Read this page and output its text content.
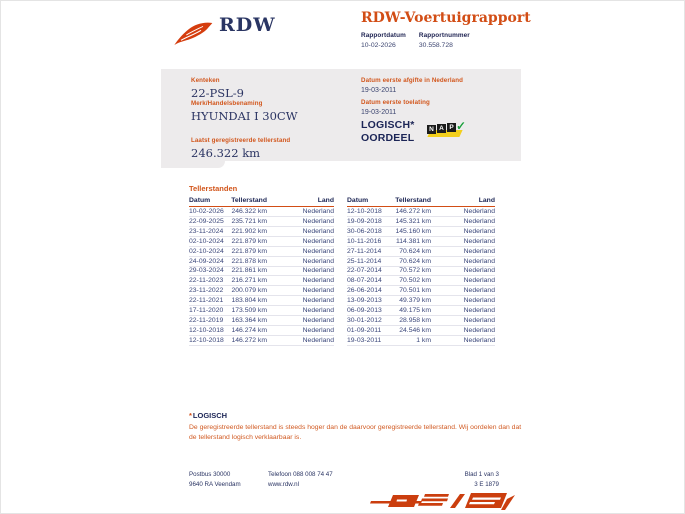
RDW	RDW-Voertuigrapport
Rapportdatum
10-02-2026
Rapportnummer
30.558.728
Kenteken
22-PSL-9
Merk/Handelsbenaming
HYUNDAI I 30CW
Laatst geregistreerde tellerstand
246.322 km
Datum eerste afgifte in Nederland
19-03-2011
Datum eerste toelating
19-03-2011
LOGISCH*
OORDEEL
N A P ✓
Tellerstanden
Datum	Tellerstand	Land
10-02-2026	246.322 km	Nederland
22-09-2025	235.721 km	Nederland
23-11-2024	221.902 km	Nederland
02-10-2024	221.879 km	Nederland
02-10-2024	221.879 km	Nederland
24-09-2024	221.878 km	Nederland
29-03-2024	221.861 km	Nederland
22-11-2023	216.271 km	Nederland
23-11-2022	200.079 km	Nederland
22-11-2021	183.804 km	Nederland
17-11-2020	173.509 km	Nederland
22-11-2019	163.364 km	Nederland
12-10-2018	146.274 km	Nederland
12-10-2018	146.272 km	Nederland
Datum	Tellerstand	Land
12-10-2018	146.272 km	Nederland
19-09-2018	145.321 km	Nederland
30-06-2018	145.160 km	Nederland
10-11-2016	114.381 km	Nederland
27-11-2014	70.624 km	Nederland
25-11-2014	70.624 km	Nederland
22-07-2014	70.572 km	Nederland
08-07-2014	70.502 km	Nederland
26-06-2014	70.501 km	Nederland
13-09-2013	49.379 km	Nederland
06-09-2013	49.175 km	Nederland
30-01-2012	28.958 km	Nederland
01-09-2011	24.546 km	Nederland
19-03-2011	1 km	Nederland
*LOGISCH

De geregistreerde tellerstand is steeds hoger dan de daarvoor geregistreerde tellerstand. Wij oordelen dan dat de tellerstand logisch verklaarbaar is.

Postbus 30000
9640 RA Veendam
Telefoon 088 008 74 47
www.rdw.nl
Blad 1 van 3
3 E 1879
